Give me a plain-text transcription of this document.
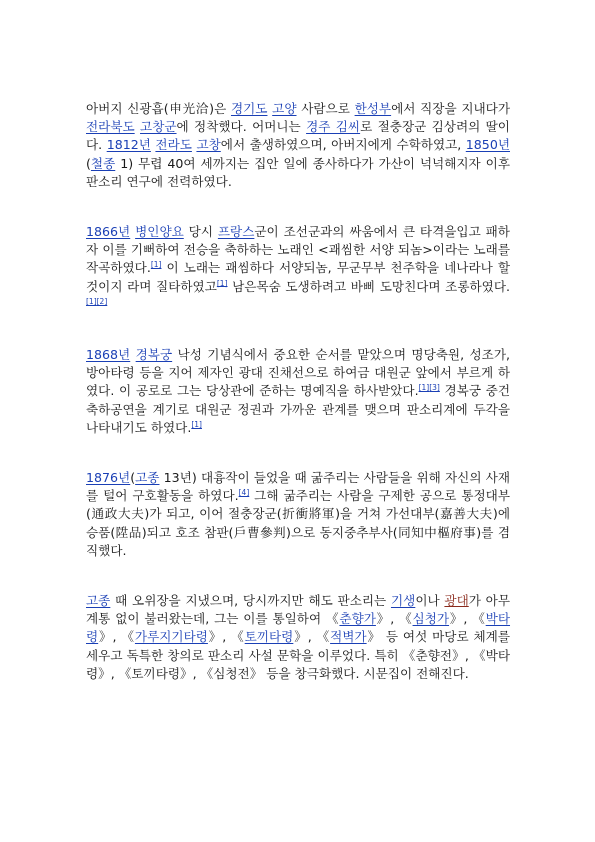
아버지 신광흡(申光洽)은 경기도 고양 사람으로 한성부에서 직장을 지내다가 전라북도 고창군에 정착했다. 어머니는 경주 김씨로 절충장군 김상려의 딸이다. 1812년 전라도 고창에서 출생하였으며, 아버지에게 수학하였고, 1850년(철종 1) 무렵 40여 세까지는 집안 일에 종사하다가 가산이 넉넉해지자 이후 판소리 연구에 전력하였다.

1866년 병인양요 당시 프랑스군이 조선군과의 싸움에서 큰 타격을입고 패하자 이를 기뻐하여 전승을 축하하는 노래인 <괘씸한 서양 되놈>이라는 노래를 작곡하였다.[1] 이 노래는 괘씸하다 서양되놈, 무군무부 천주학을 네나라나 할것이지 라며 질타하였고[1] 남은목숨 도생하려고 바삐 도망친다며 조롱하였다.[1][2]

1868년 경복궁 낙성 기념식에서 중요한 순서를 맡았으며 명당축원, 성조가, 방아타령 등을 지어 제자인 광대 진채선으로 하여금 대원군 앞에서 부르게 하였다. 이 공로로 그는 당상관에 준하는 명예직을 하사받았다.[1][3] 경복궁 중건 축하공연을 계기로 대원군 정권과 가까운 관계를 맺으며 판소리계에 두각을 나타내기도 하였다.[1]

1876년(고종 13년) 대흉작이 들었을 때 굶주리는 사람들을 위해 자신의 사재를 털어 구호활동을 하였다.[4] 그해 굶주리는 사람을 구제한 공으로 통정대부(通政大夫)가 되고, 이어 절충장군(折衝將軍)을 거쳐 가선대부(嘉善大夫)에 승품(陞品)되고 호조 참판(戶曹參判)으로 동지중추부사(同知中樞府事)를 겸직했다.

고종 때 오위장을 지냈으며, 당시까지만 해도 판소리는 기생이나 광대가 아무 계통 없이 불러왔는데, 그는 이를 통일하여 《춘향가》, 《심청가》, 《박타령》, 《가루지기타령》, 《토끼타령》, 《적벽가》 등 여섯 마당로 체계를 세우고 독특한 창의로 판소리 사설 문학을 이루었다. 특히 《춘향전》, 《박타령》, 《토끼타령》, 《심청전》 등을 창극화했다. 시문집이 전해진다.
